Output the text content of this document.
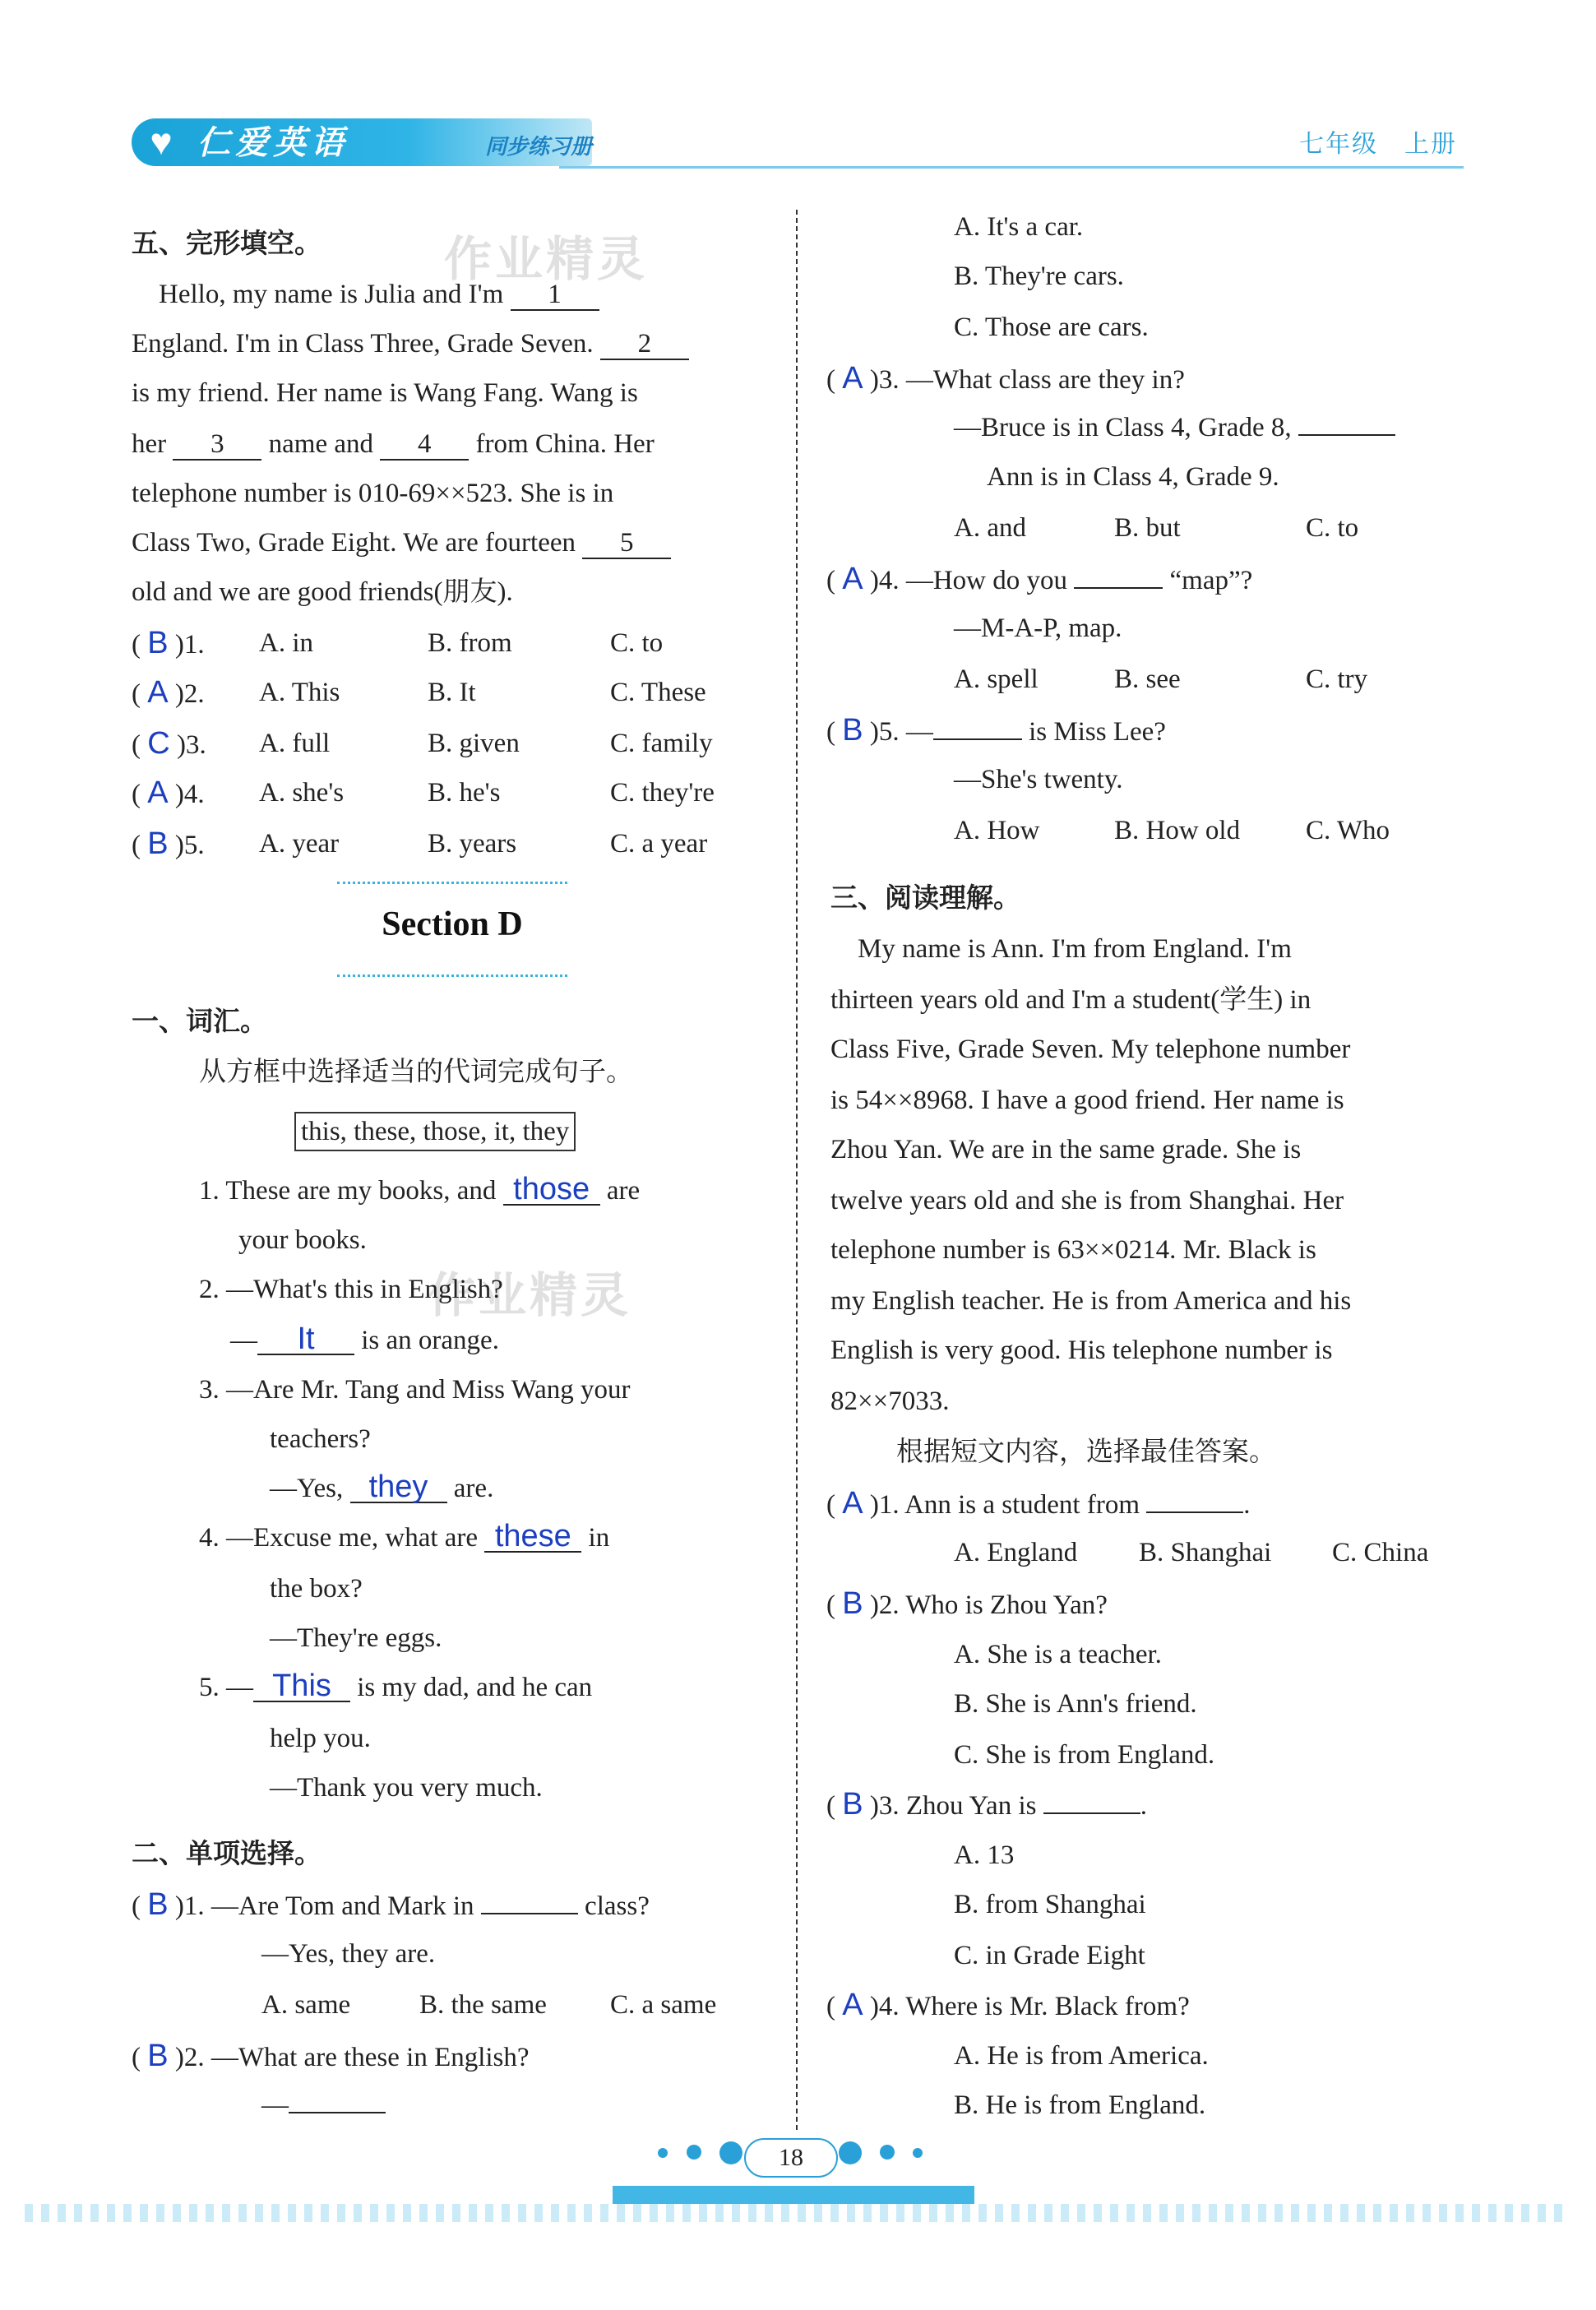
♥ 仁爱英语	同步练习册	七年级　上册
作业精灵
作业精灵
五、完形填空。
　Hello, my name is Julia and I'm 1
England. I'm in Class Three, Grade Seven. 2
is my friend. Her name is Wang Fang. Wang is
her 3 name and 4 from China. Her
telephone number is 010-69××523. She is in
Class Two, Grade Eight. We are fourteen 5
old and we are good friends(朋友).
( B )1. A. in	B. from	C. to
( A )2. A. This	B. It	C. These
( C )3. A. full	B. given	C. family
( A )4. A. she's	B. he's	C. they're
( B )5. A. year	B. years	C. a year
Section D
一、词汇。
从方框中选择适当的代词完成句子。
this, these, those, it, they
1. These are my books, and those are
your books.
2. —What's this in English?
— It is an orange.
3. —Are Mr. Tang and Miss Wang your
teachers?
—Yes, they are.
4. —Excuse me, what are these in
the box?
—They're eggs.
5. — This is my dad, and he can
help you.
—Thank you very much.
二、单项选择。
( B )1. —Are Tom and Mark in	class?
—Yes, they are.
A. same	B. the same C. a same
( B )2. —What are these in English?
—
A. It's a car.
B. They're cars.
C. Those are cars.
( A )3. —What class are they in?
—Bruce is in Class 4, Grade 8,
Ann is in Class 4, Grade 9.
A. and	B. but	C. to
( A )4. —How do you	“map”?
—M-A-P, map.
A. spell	B. see	C. try
( B )5. —	is Miss Lee?
—She's twenty.
A. How	B. How old C. Who
三、阅读理解。
　My name is Ann. I'm from England. I'm
thirteen years old and I'm a student(学生) in
Class Five, Grade Seven. My telephone number
is 54××8968. I have a good friend. Her name is
Zhou Yan. We are in the same grade. She is
twelve years old and she is from Shanghai. Her
telephone number is 63××0214. Mr. Black is
my English teacher. He is from America and his
English is very good. His telephone number is
82××7033.
根据短文内容，选择最佳答案。
( A )1. Ann is a student from	.
A. England B. Shanghai C. China
( B )2. Who is Zhou Yan?
A. She is a teacher.
B. She is Ann's friend.
C. She is from England.
( B )3. Zhou Yan is	.
A. 13
B. from Shanghai
C. in Grade Eight
( A )4. Where is Mr. Black from?
A. He is from America.
B. He is from England.
18
